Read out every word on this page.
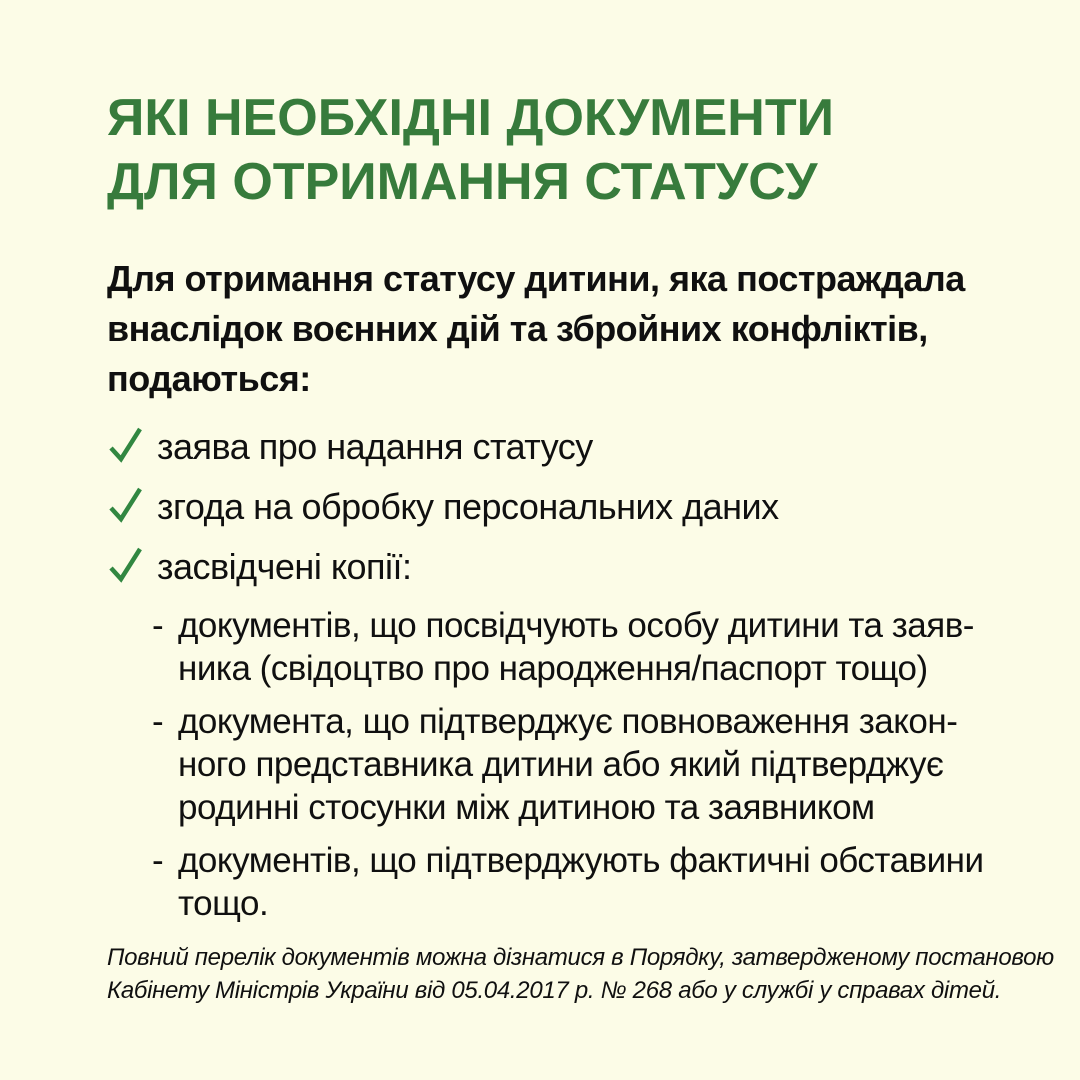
ЯКІ НЕОБХІДНІ ДОКУМЕНТИ
ДЛЯ ОТРИМАННЯ СТАТУСУ
Для отримання статусу дитини, яка постраждала
внаслідок воєнних дій та збройних конфліктів,
подаються:
заява про надання статусу
згода на обробку персональних даних
засвідчені копії:
- документів, що посвідчують особу дитини та заяв-
ника (свідоцтво про народження/паспорт тощо)
- документа, що підтверджує повноваження закон-
ного представника дитини або який підтверджує
родинні стосунки між дитиною та заявником
- документів, що підтверджують фактичні обставини
тощо.
Повний перелік документів можна дізнатися в Порядку, затвердженому постановою
Кабінету Міністрів України від 05.04.2017 р. № 268 або у службі у справах дітей.
